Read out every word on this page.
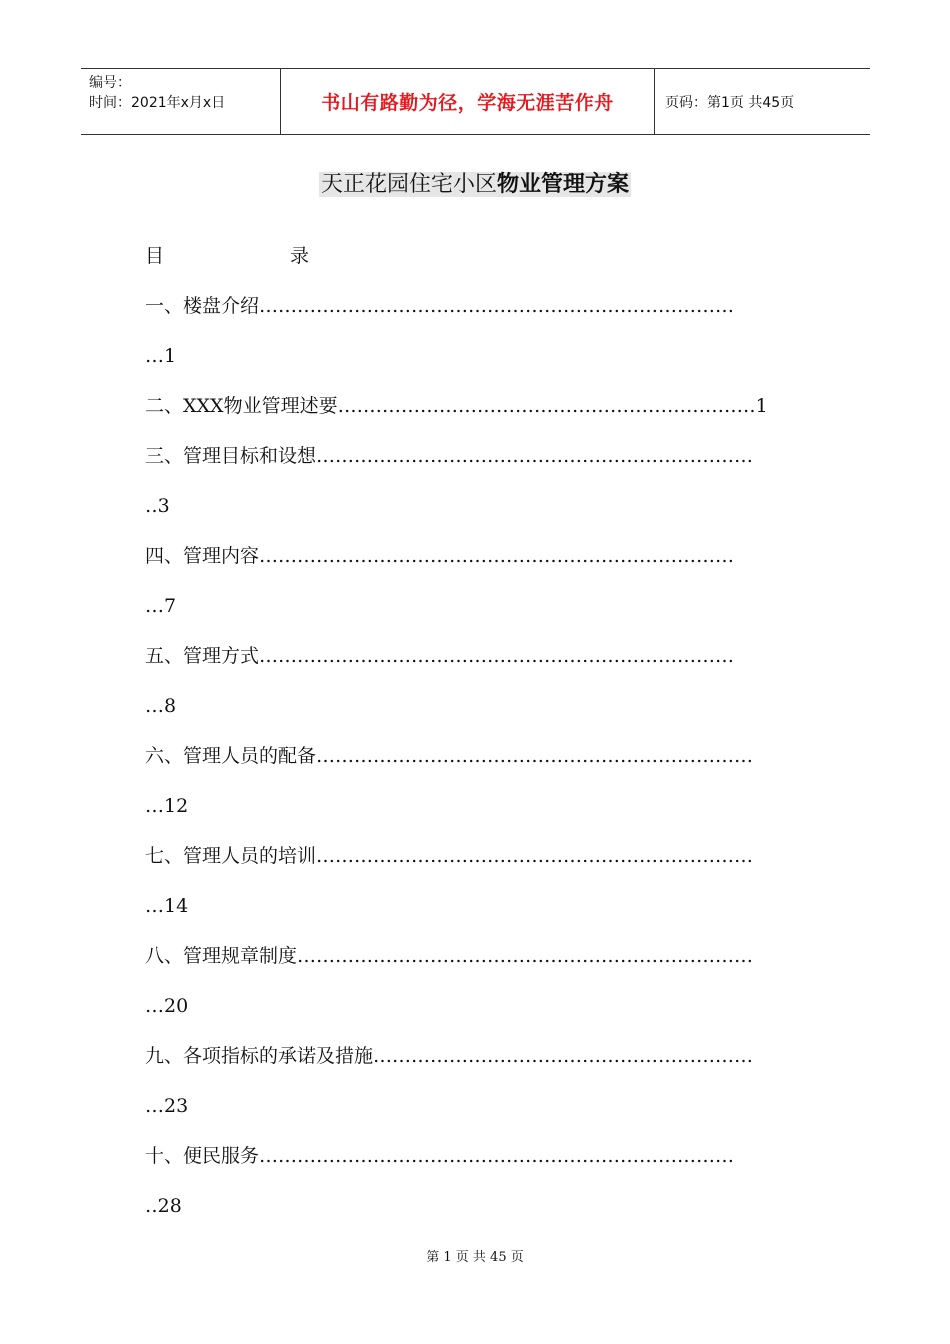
编号：
时间：2021年x月x日	书山有路勤为径，学海无涯苦作舟	页码：第1页 共45页
天正花园住宅小区物业管理方案
目	录
一、楼盘介绍…………………………………………………………………
…1
二、XXX物业管理述要…………………………………………………………1
三、管理目标和设想……………………………………………………………
‥3
四、管理内容…………………………………………………………………
…7
五、管理方式…………………………………………………………………
…8
六、管理人员的配备……………………………………………………………
…12
七、管理人员的培训……………………………………………………………
…14
八、管理规章制度………………………………………………………………
…20
九、各项指标的承诺及措施……………………………………………………
…23
十、便民服务…………………………………………………………………
‥28
第 1 页 共 45 页
